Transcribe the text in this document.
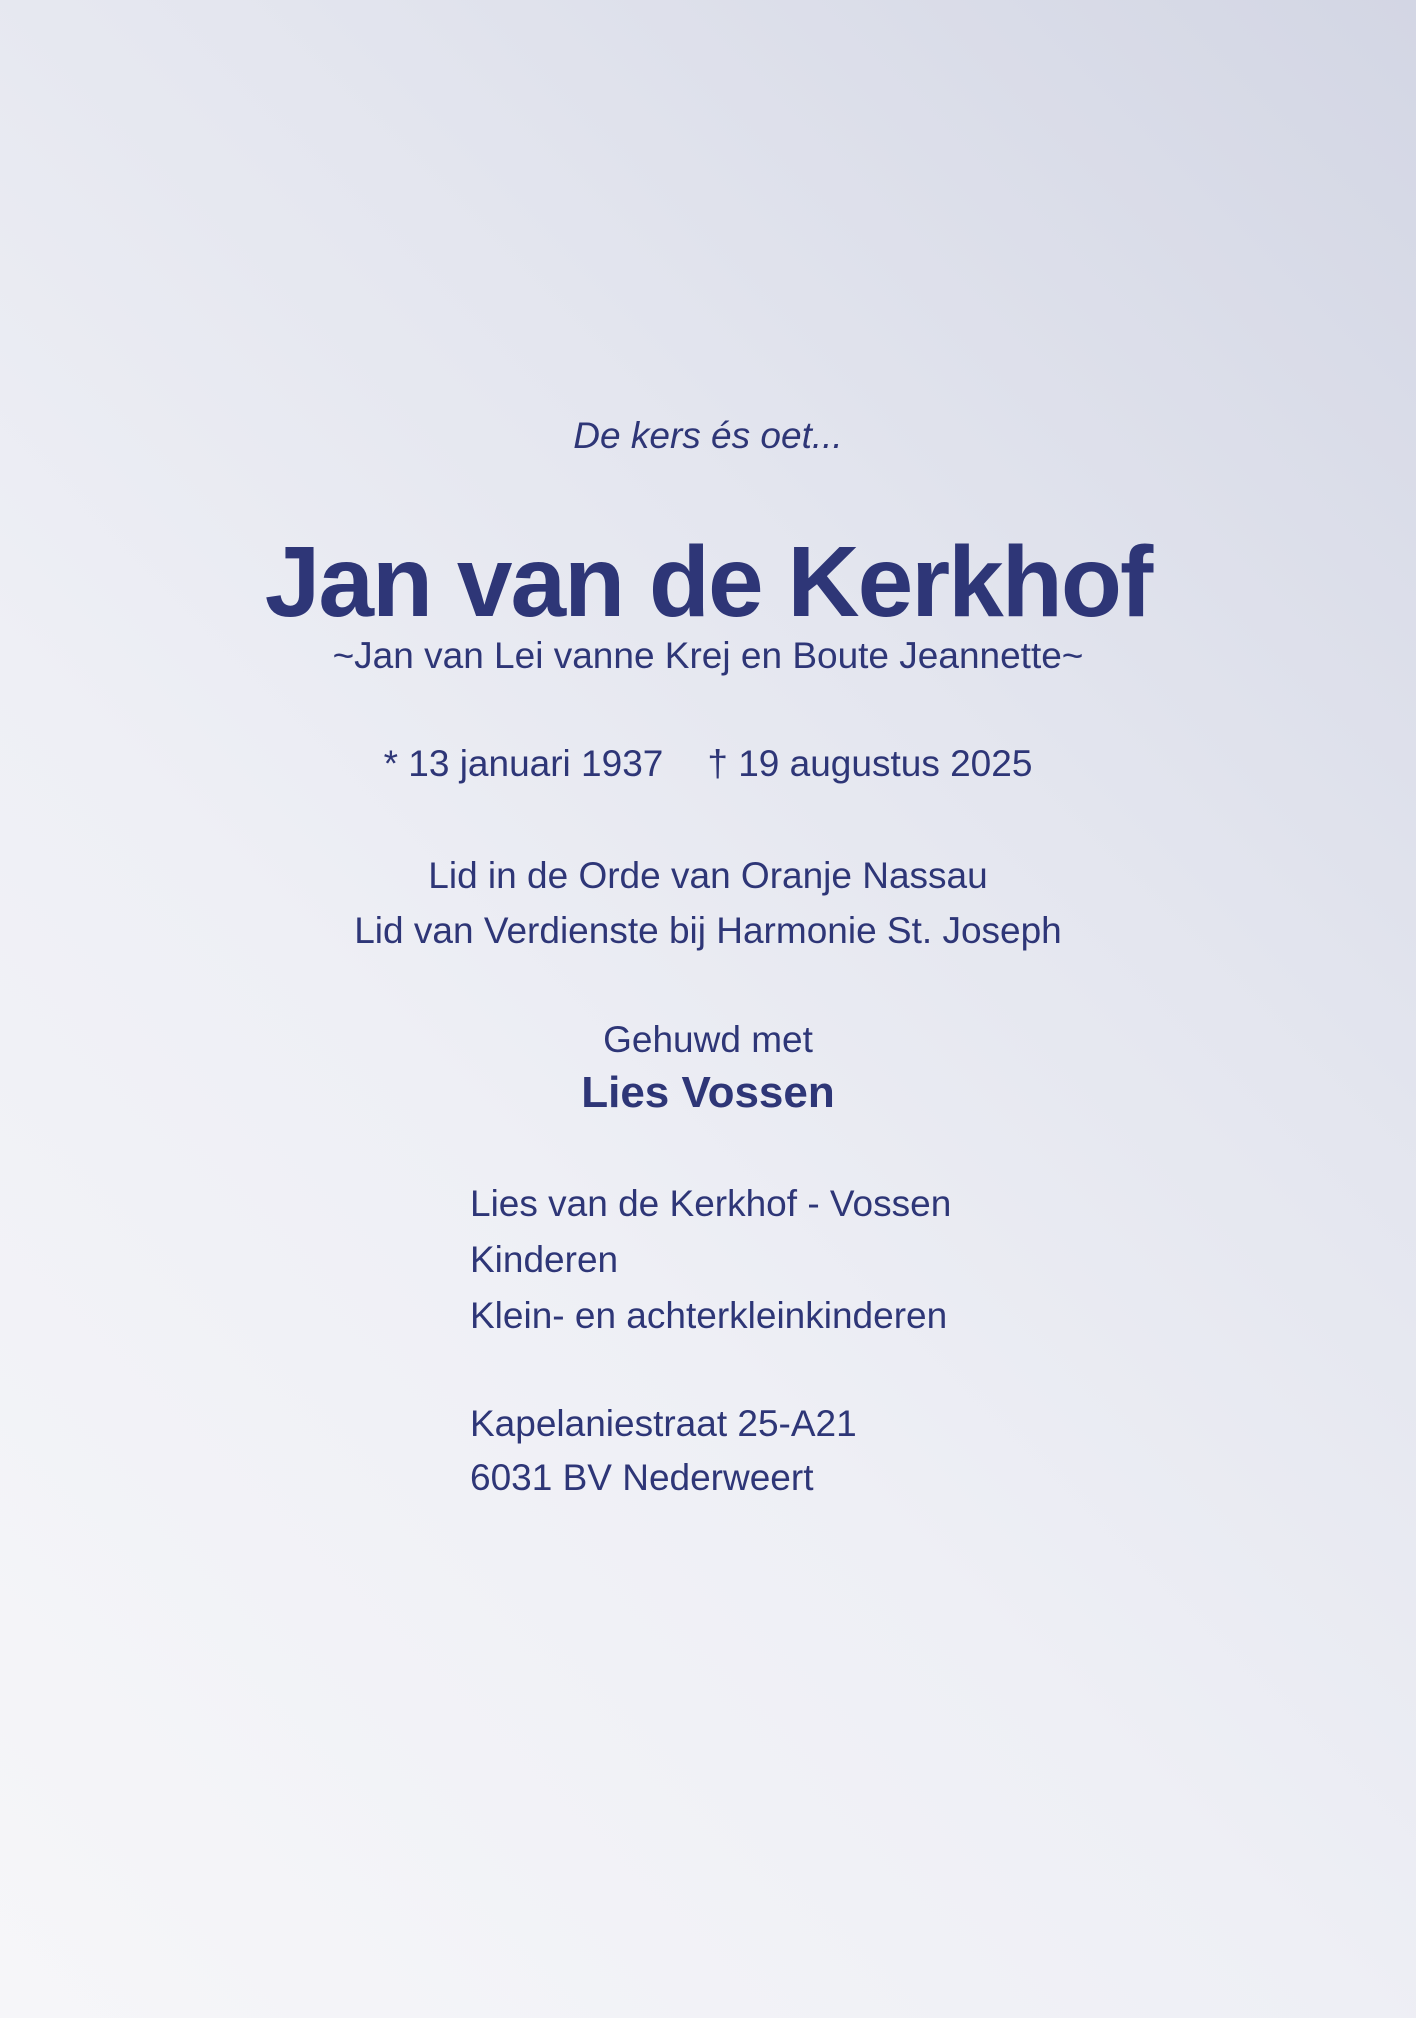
De kers és oet...
Jan van de Kerkhof
~Jan van Lei vanne Krej en Boute Jeannette~
* 13 januari 1937 † 19 augustus 2025
Lid in de Orde van Oranje Nassau
Lid van Verdienste bij Harmonie St. Joseph
Gehuwd met
Lies Vossen
Lies van de Kerkhof - Vossen
Kinderen
Klein- en achterkleinkinderen
Kapelaniestraat 25-A21
6031 BV Nederweert
